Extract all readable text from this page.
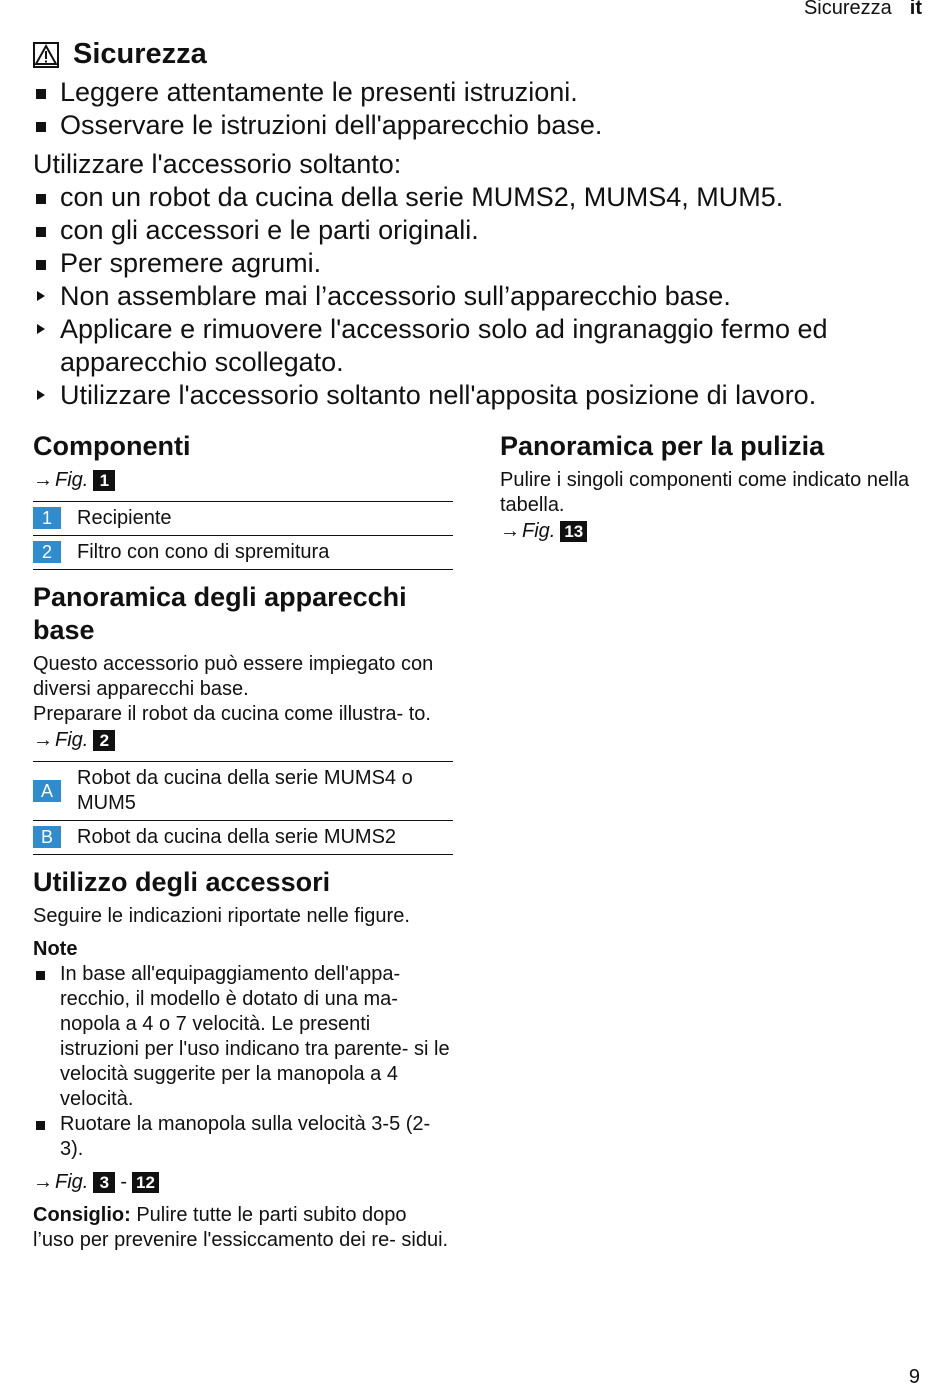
Sicurezza it
Sicurezza
Leggere attentamente le presenti istruzioni.
Osservare le istruzioni dell'apparecchio base.

Utilizzare l'accessorio soltanto:

con un robot da cucina della serie MUMS2, MUMS4, MUM5.
con gli accessori e le parti originali.
Per spremere agrumi.
Non assemblare mai l’accessorio sull’apparecchio base.
Applicare e rimuovere l'accessorio solo ad ingranaggio fermo ed apparecchio scollegato.
Utilizzare l'accessorio soltanto nell'apposita posizione di lavoro.
Componenti
→ Fig. 1
1	Recipiente
2	Filtro con cono di spremitura
Panoramica degli apparecchi base

Questo accessorio può essere impiegato con diversi apparecchi base.

Preparare il robot da cucina come illustra- to.

→ Fig. 2
A	Robot da cucina della serie MUMS4 o MUM5
B	Robot da cucina della serie MUMS2
Utilizzo degli accessori

Seguire le indicazioni riportate nelle figure.

Note
In base all'equipaggiamento dell'appa- recchio, il modello è dotato di una ma- nopola a 4 o 7 velocità. Le presenti istruzioni per l'uso indicano tra parente- si le velocità suggerite per la manopola a 4 velocità.
Ruotare la manopola sulla velocità 3-5 (2-3).
→ Fig. 3 - 12

Consiglio: Pulire tutte le parti subito dopo l’uso per prevenire l'essiccamento dei re- sidui.

Panoramica per la pulizia

Pulire i singoli componenti come indicato nella tabella.

→ Fig. 13
9
